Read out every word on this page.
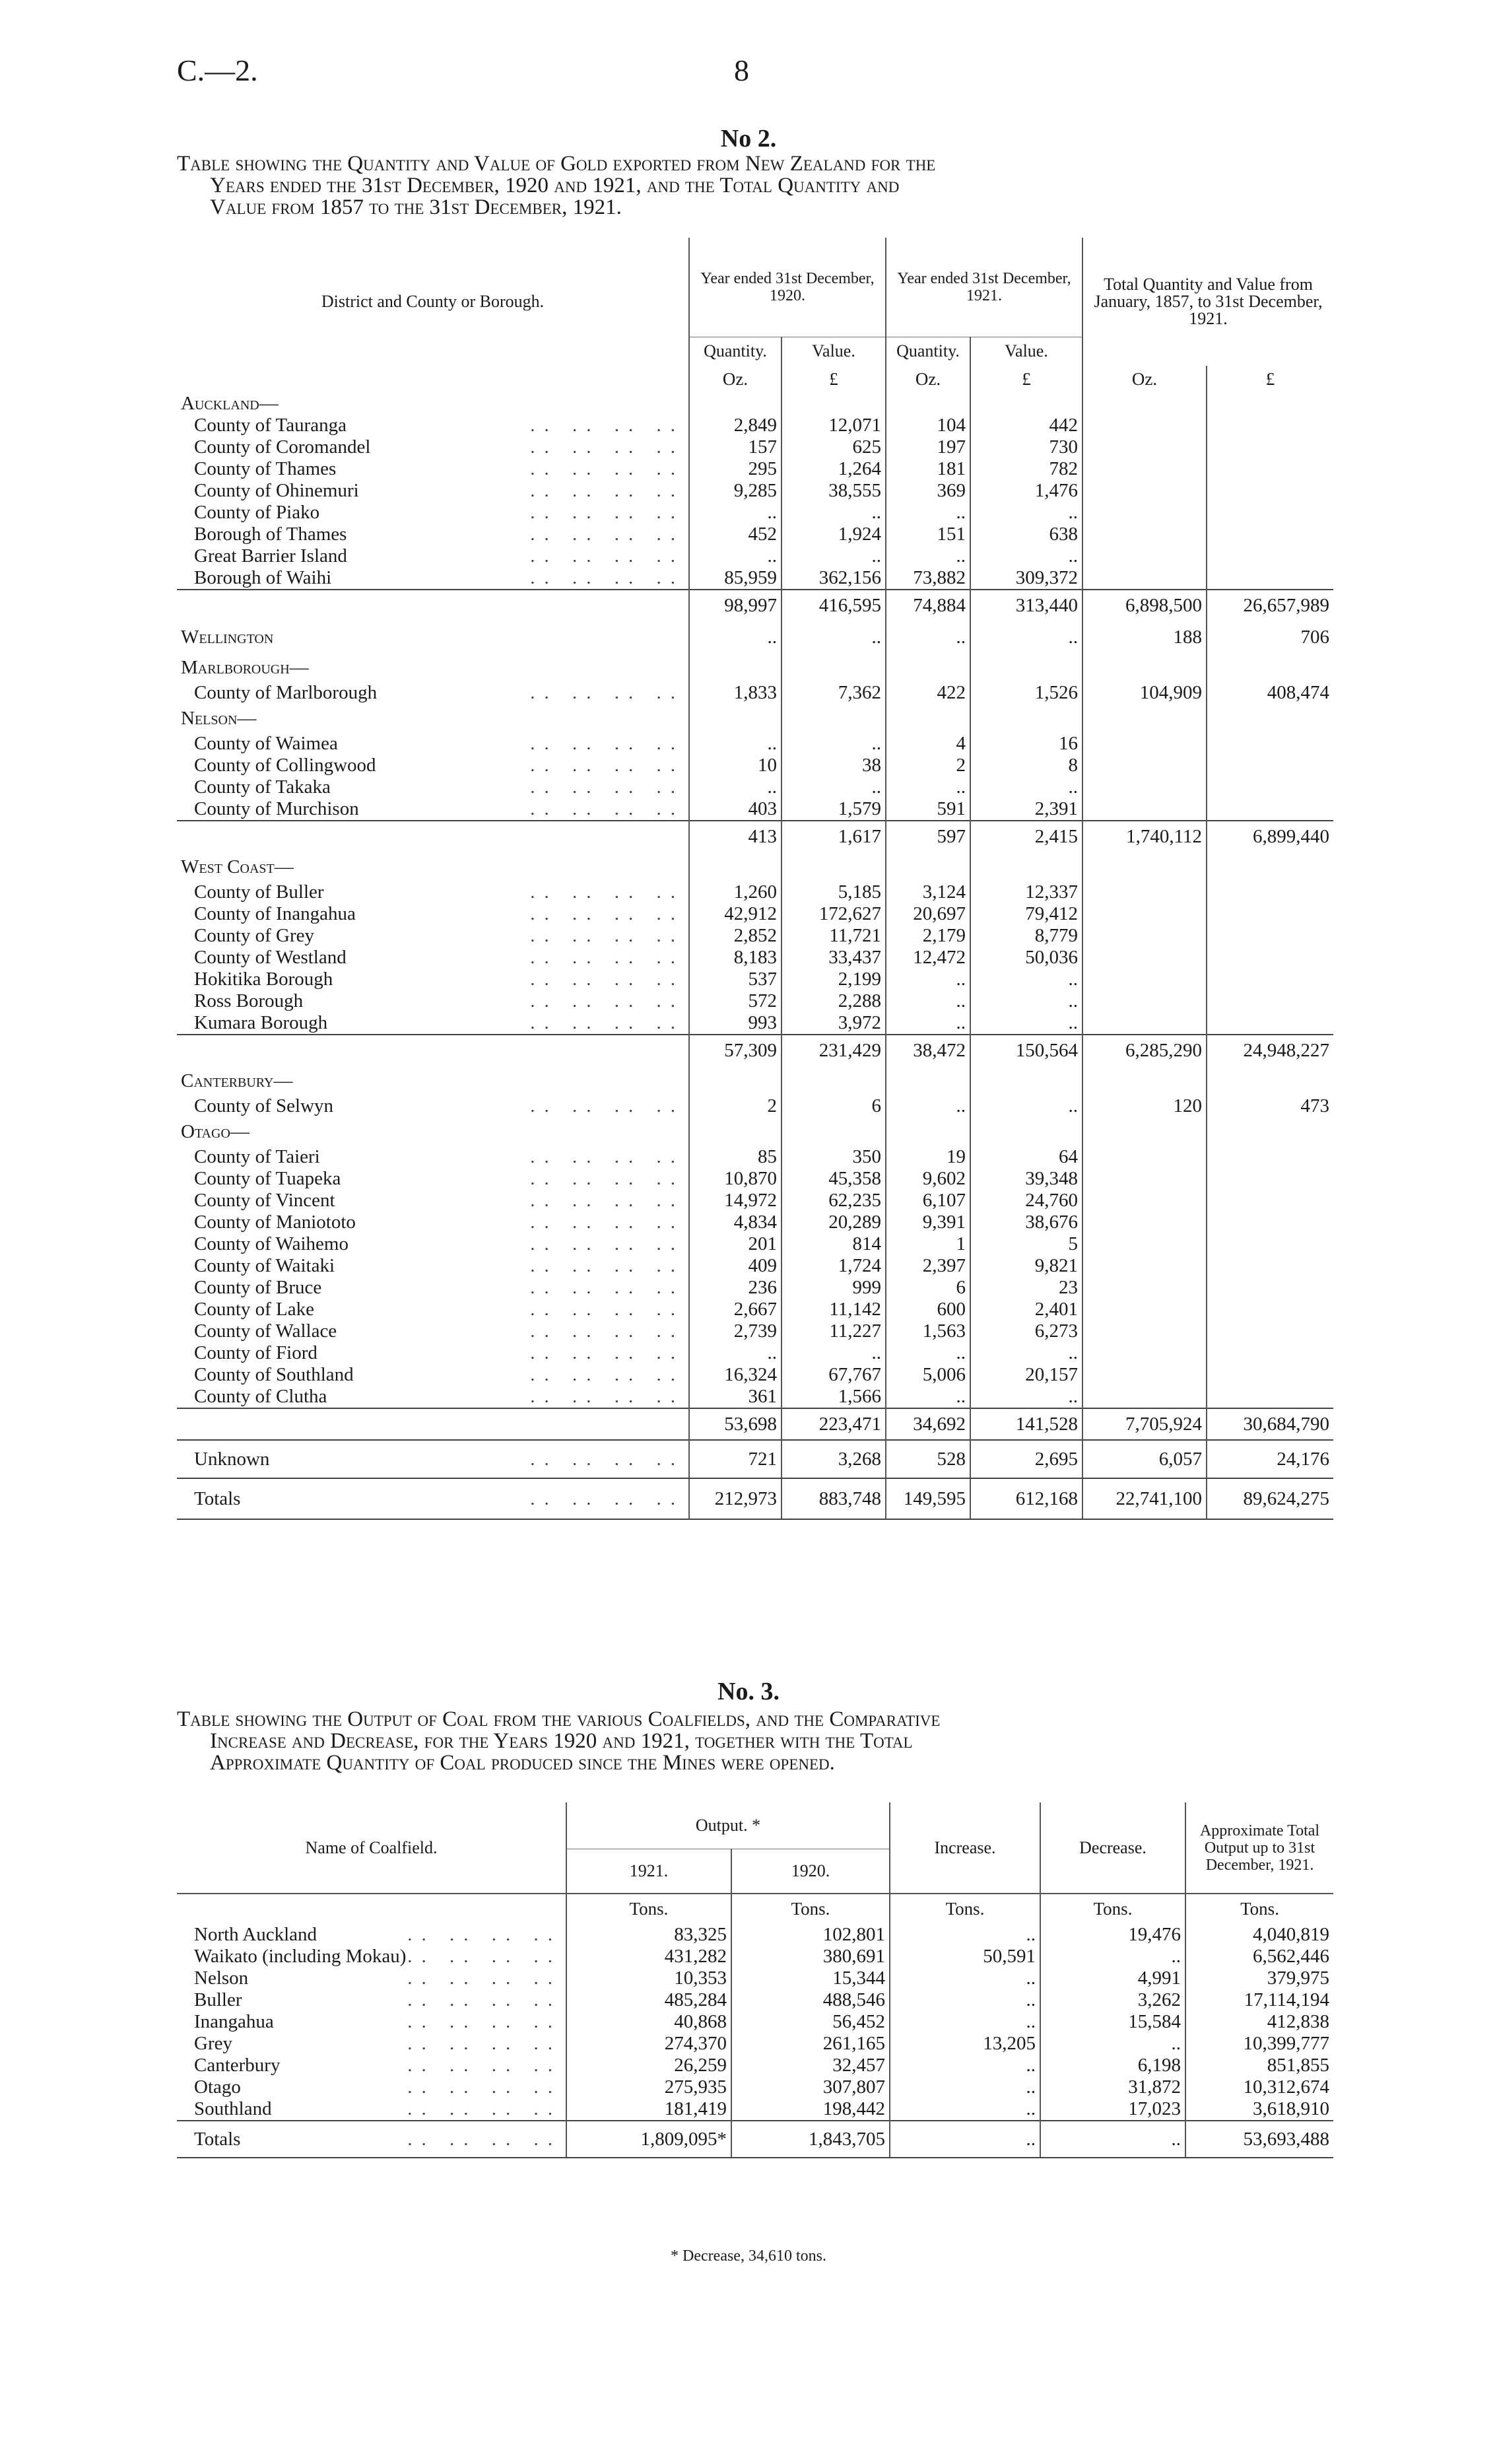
C.—2.	8
No 2.

Table showing the Quantity and Value of Gold exported from New Zealand for the

Years ended the 31st December, 1920 and 1921, and the Total Quantity and

Value from 1857 to the 31st December, 1921.

District and County or Borough.	Year ended 31st December, 1920.		Year ended 31st December, 1921.		Total Quantity and Value from January, 1857, to 31st December, 1921.	
	Quantity.	Value.	Quantity.	Value.		
	Oz.	£	Oz.	£	Oz.	£
Auckland—						

.. .. .. ..
County of Tauranga	2,849	12,071	104	442		

.. .. .. ..
County of Coromandel	157	625	197	730		

.. .. .. ..
County of Thames	295	1,264	181	782		

.. .. .. ..
County of Ohinemuri	9,285	38,555	369	1,476		

.. .. .. ..
County of Piako	..	..	..	..		

.. .. .. ..
Borough of Thames	452	1,924	151	638		

.. .. .. ..
Great Barrier Island	..	..	..	..		

.. .. .. ..
Borough of Waihi	85,959	362,156	73,882	309,372		
	98,997	416,595	74,884	313,440	6,898,500	26,657,989
Wellington	..	..	..	..	188	706
Marlborough—						

.. .. .. ..
County of Marlborough	1,833	7,362	422	1,526	104,909	408,474
Nelson—						

.. .. .. ..
County of Waimea	..	..	4	16		

.. .. .. ..
County of Collingwood	10	38	2	8		

.. .. .. ..
County of Takaka	..	..	..	..		

.. .. .. ..
County of Murchison	403	1,579	591	2,391		
	413	1,617	597	2,415	1,740,112	6,899,440
West Coast—						

.. .. .. ..
County of Buller	1,260	5,185	3,124	12,337		

.. .. .. ..
County of Inangahua	42,912	172,627	20,697	79,412		

.. .. .. ..
County of Grey	2,852	11,721	2,179	8,779		

.. .. .. ..
County of Westland	8,183	33,437	12,472	50,036		

.. .. .. ..
Hokitika Borough	537	2,199	..	..		

.. .. .. ..
Ross Borough	572	2,288	..	..		

.. .. .. ..
Kumara Borough	993	3,972	..	..		
	57,309	231,429	38,472	150,564	6,285,290	24,948,227
Canterbury—						

.. .. .. ..
County of Selwyn	2	6	..	..	120	473
Otago—						

.. .. .. ..
County of Taieri	85	350	19	64		

.. .. .. ..
County of Tuapeka	10,870	45,358	9,602	39,348		

.. .. .. ..
County of Vincent	14,972	62,235	6,107	24,760		

.. .. .. ..
County of Maniototo	4,834	20,289	9,391	38,676		

.. .. .. ..
County of Waihemo	201	814	1	5		

.. .. .. ..
County of Waitaki	409	1,724	2,397	9,821		

.. .. .. ..
County of Bruce	236	999	6	23		

.. .. .. ..
County of Lake	2,667	11,142	600	2,401		

.. .. .. ..
County of Wallace	2,739	11,227	1,563	6,273		

.. .. .. ..
County of Fiord	..	..	..	..		

.. .. .. ..
County of Southland	16,324	67,767	5,006	20,157		

.. .. .. ..
County of Clutha	361	1,566	..	..		
	53,698	223,471	34,692	141,528	7,705,924	30,684,790

.. .. .. ..
Unknown	721	3,268	528	2,695	6,057	24,176

.. .. .. ..
Totals	212,973	883,748	149,595	612,168	22,741,100	89,624,275
No. 3.

Table showing the Output of Coal from the various Coalfields, and the Comparative

Increase and Decrease, for the Years 1920 and 1921, together with the Total

Approximate Quantity of Coal produced since the Mines were opened.

Name of Coalfield.	Output. *		Increase.	Decrease.	Approximate Total Output up to 31st December, 1921.
	1921.	1920.			
	Tons.	Tons.	Tons.	Tons.	Tons.

.. .. .. ..
North Auckland	83,325	102,801	..	19,476	4,040,819

.. .. .. ..
Waikato (including Mokau)	431,282	380,691	50,591	..	6,562,446

.. .. .. ..
Nelson	10,353	15,344	..	4,991	379,975

.. .. .. ..
Buller	485,284	488,546	..	3,262	17,114,194

.. .. .. ..
Inangahua	40,868	56,452	..	15,584	412,838

.. .. .. ..
Grey	274,370	261,165	13,205	..	10,399,777

.. .. .. ..
Canterbury	26,259	32,457	..	6,198	851,855

.. .. .. ..
Otago	275,935	307,807	..	31,872	10,312,674

.. .. .. ..
Southland	181,419	198,442	..	17,023	3,618,910

.. .. .. ..
Totals	1,809,095*	1,843,705	..	..	53,693,488
* Decrease, 34,610 tons.
